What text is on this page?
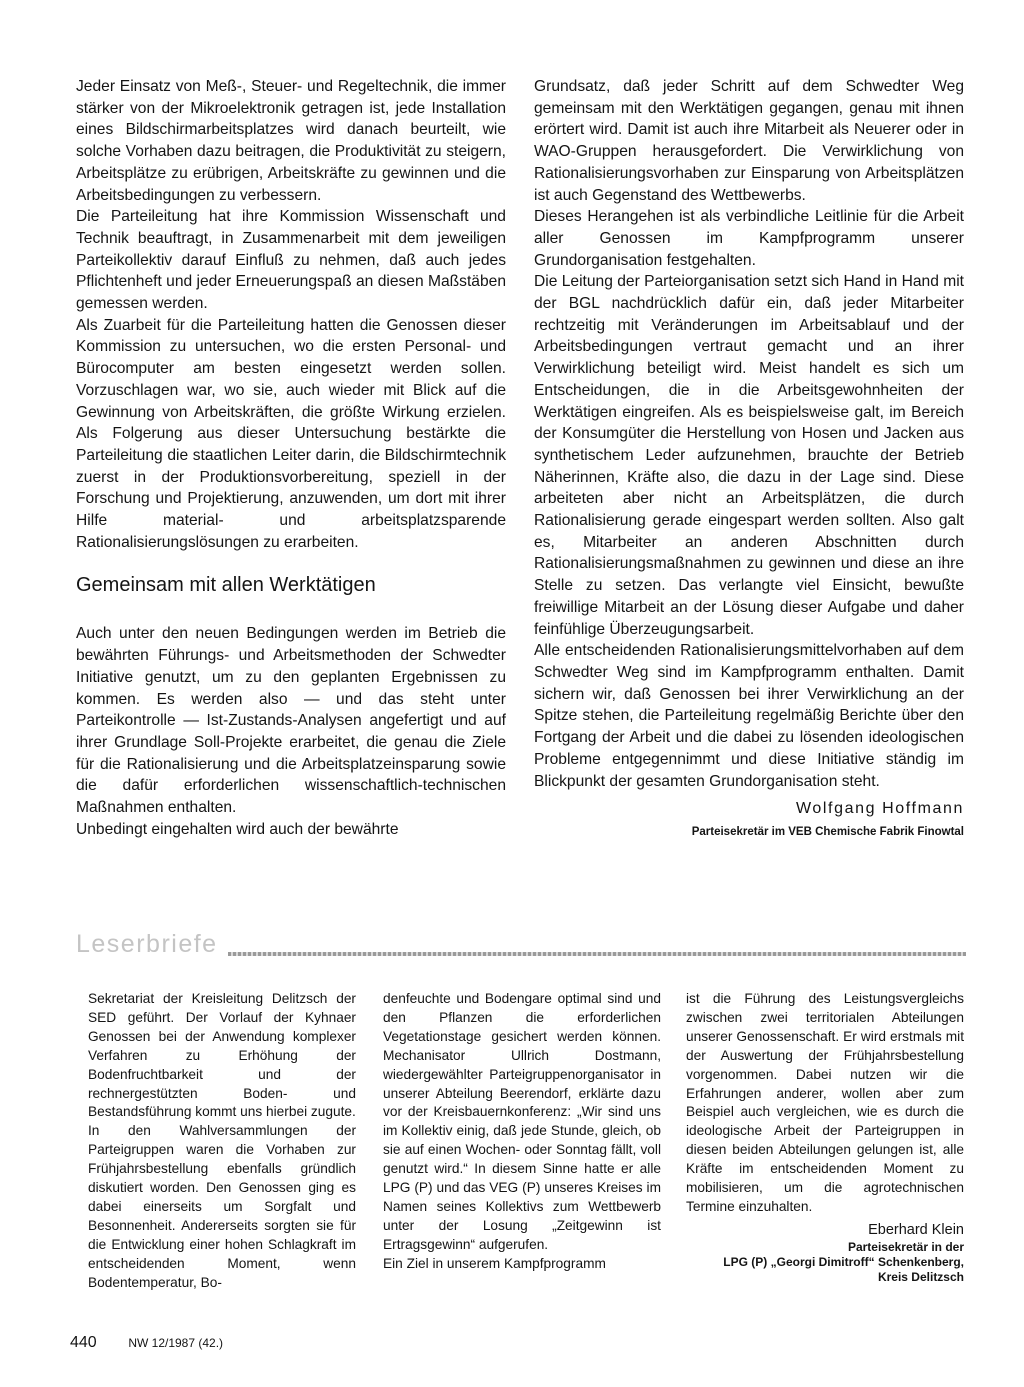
Jeder Einsatz von Meß-, Steuer- und Regeltechnik, die immer stärker von der Mikroelektronik getragen ist, jede Installation eines Bildschirmarbeitsplatzes wird danach beurteilt, wie solche Vorhaben dazu beitragen, die Produktivität zu steigern, Arbeitsplätze zu erübrigen, Arbeitskräfte zu gewinnen und die Arbeitsbedingungen zu verbessern.

Die Parteileitung hat ihre Kommission Wissenschaft und Technik beauftragt, in Zusammenarbeit mit dem jeweiligen Parteikollektiv darauf Einfluß zu nehmen, daß auch jedes Pflichtenheft und jeder Erneuerungspaß an diesen Maßstäben gemessen werden.

Als Zuarbeit für die Parteileitung hatten die Genossen dieser Kommission zu untersuchen, wo die ersten Personal- und Bürocomputer am besten eingesetzt werden sollen. Vorzuschlagen war, wo sie, auch wieder mit Blick auf die Gewinnung von Arbeitskräften, die größte Wirkung erzielen. Als Folgerung aus dieser Untersuchung bestärkte die Parteileitung die staatlichen Leiter darin, die Bildschirmtechnik zuerst in der Produktionsvorbereitung, speziell in der Forschung und Projektierung, anzuwenden, um dort mit ihrer Hilfe material- und arbeitsplatzsparende Rationalisierungslösungen zu erarbeiten.

Gemeinsam mit allen Werktätigen

Auch unter den neuen Bedingungen werden im Betrieb die bewährten Führungs- und Arbeitsmethoden der Schwedter Initiative genutzt, um zu den geplanten Ergebnissen zu kommen. Es werden also — und das steht unter Parteikontrolle — Ist-Zustands-Analysen angefertigt und auf ihrer Grundlage Soll-Projekte erarbeitet, die genau die Ziele für die Rationalisierung und die Arbeitsplatzeinsparung sowie die dafür erforderlichen wissenschaftlich-technischen Maßnahmen enthalten.

Unbedingt eingehalten wird auch der bewährte

Grundsatz, daß jeder Schritt auf dem Schwedter Weg gemeinsam mit den Werktätigen gegangen, genau mit ihnen erörtert wird. Damit ist auch ihre Mitarbeit als Neuerer oder in WAO-Gruppen herausgefordert. Die Verwirklichung von Rationalisierungsvorhaben zur Einsparung von Arbeitsplätzen ist auch Gegenstand des Wettbewerbs.

Dieses Herangehen ist als verbindliche Leitlinie für die Arbeit aller Genossen im Kampfprogramm unserer Grundorganisation festgehalten.

Die Leitung der Parteiorganisation setzt sich Hand in Hand mit der BGL nachdrücklich dafür ein, daß jeder Mitarbeiter rechtzeitig mit Veränderungen im Arbeitsablauf und der Arbeitsbedingungen vertraut gemacht und an ihrer Verwirklichung beteiligt wird. Meist handelt es sich um Entscheidungen, die in die Arbeitsgewohnheiten der Werktätigen eingreifen. Als es beispielsweise galt, im Bereich der Konsumgüter die Herstellung von Hosen und Jacken aus synthetischem Leder aufzunehmen, brauchte der Betrieb Näherinnen, Kräfte also, die dazu in der Lage sind. Diese arbeiteten aber nicht an Arbeitsplätzen, die durch Rationalisierung gerade eingespart werden sollten. Also galt es, Mitarbeiter an anderen Abschnitten durch Rationalisierungsmaßnahmen zu gewinnen und diese an ihre Stelle zu setzen. Das verlangte viel Einsicht, bewußte freiwillige Mitarbeit an der Lösung dieser Aufgabe und daher feinfühlige Überzeugungsarbeit.

Alle entscheidenden Rationalisierungsmittelvorhaben auf dem Schwedter Weg sind im Kampfprogramm enthalten. Damit sichern wir, daß Genossen bei ihrer Verwirklichung an der Spitze stehen, die Parteileitung regelmäßig Berichte über den Fortgang der Arbeit und die dabei zu lösenden ideologischen Probleme entgegennimmt und diese Initiative ständig im Blickpunkt der gesamten Grundorganisation steht.

Wolfgang Hoffmann
Parteisekretär im VEB Chemische Fabrik Finowtal
Leserbriefe

Sekretariat der Kreisleitung Delitzsch der SED geführt. Der Vorlauf der Kyhnaer Genossen bei der Anwendung komplexer Verfahren zu Erhöhung der Bodenfruchtbarkeit und der rechnergestützten Boden- und Bestandsführung kommt uns hierbei zugute.

In den Wahlversammlungen der Parteigruppen waren die Vorhaben zur Frühjahrsbestellung ebenfalls gründlich diskutiert worden. Den Genossen ging es dabei einerseits um Sorgfalt und Besonnenheit. Andererseits sorgten sie für die Entwicklung einer hohen Schlagkraft im entscheidenden Moment, wenn Bodentemperatur, Bo-

denfeuchte und Bodengare optimal sind und den Pflanzen die erforderlichen Vegetationstage gesichert werden können. Mechanisator Ullrich Dostmann, wiedergewählter Parteigruppenorganisator in unserer Abteilung Beerendorf, erklärte dazu vor der Kreisbauernkonferenz: „Wir sind uns im Kollektiv einig, daß jede Stunde, gleich, ob sie auf einen Wochen- oder Sonntag fällt, voll genutzt wird.“ In diesem Sinne hatte er alle LPG (P) und das VEG (P) unseres Kreises im Namen seines Kollektivs zum Wettbewerb unter der Losung „Zeitgewinn ist Ertragsgewinn“ aufgerufen.

Ein Ziel in unserem Kampfprogramm

ist die Führung des Leistungsvergleichs zwischen zwei territorialen Abteilungen unserer Genossenschaft. Er wird erstmals mit der Auswertung der Frühjahrsbestellung vorgenommen. Dabei nutzen wir die Erfahrungen anderer, wollen aber zum Beispiel auch vergleichen, wie es durch die ideologische Arbeit der Parteigruppen in diesen beiden Abteilungen gelungen ist, alle Kräfte im entscheidenden Moment zu mobilisieren, um die agrotechnischen Termine einzuhalten.

Eberhard Klein
Parteisekretär in der
LPG (P) „Georgi Dimitroff“ Schenkenberg,
Kreis Delitzsch
440	NW 12/1987 (42.)
